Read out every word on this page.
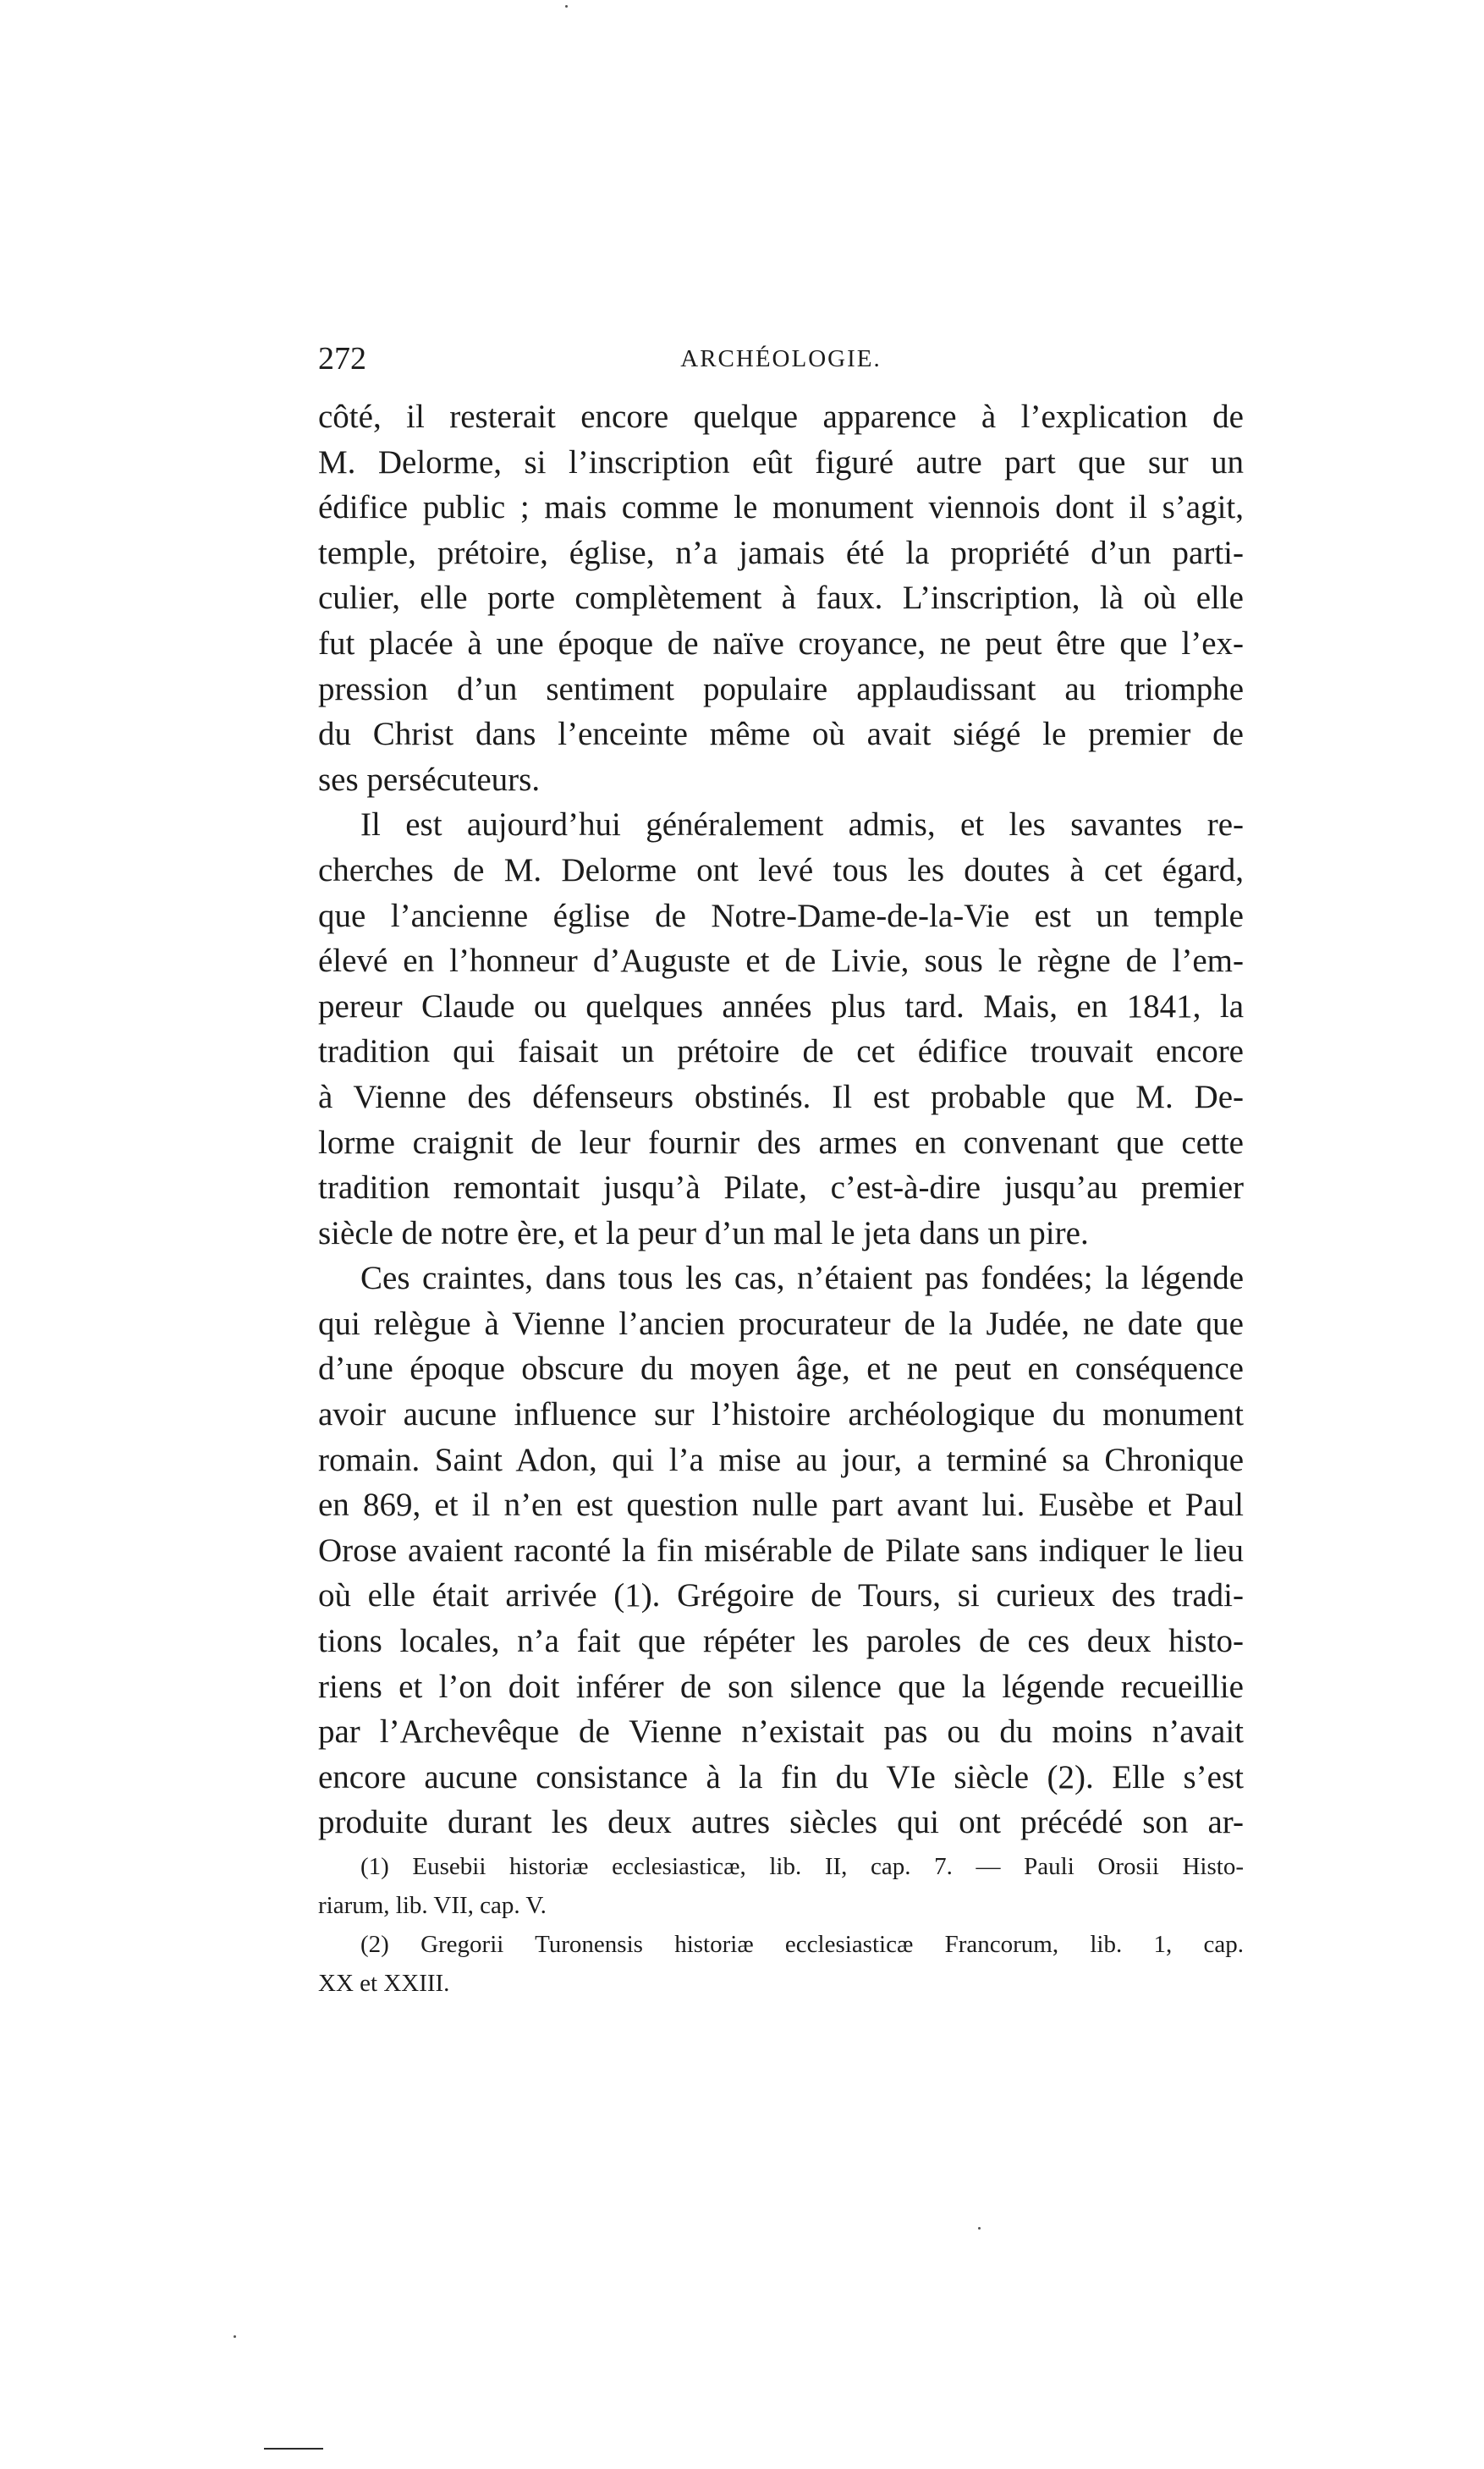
272	ARCHÉOLOGIE.
côté, il resterait encore quelque apparence à l’explication de
M. Delorme, si l’inscription eût figuré autre part que sur un
édifice public ; mais comme le monument viennois dont il s’agit,
temple, prétoire, église, n’a jamais été la propriété d’un parti-
culier, elle porte complètement à faux. L’inscription, là où elle
fut placée à une époque de naïve croyance, ne peut être que l’ex-
pression d’un sentiment populaire applaudissant au triomphe
du Christ dans l’enceinte même où avait siégé le premier de
ses persécuteurs.
Il est aujourd’hui généralement admis, et les savantes re-
cherches de M. Delorme ont levé tous les doutes à cet égard,
que l’ancienne église de Notre-Dame-de-la-Vie est un temple
élevé en l’honneur d’Auguste et de Livie, sous le règne de l’em-
pereur Claude ou quelques années plus tard. Mais, en 1841, la
tradition qui faisait un prétoire de cet édifice trouvait encore
à Vienne des défenseurs obstinés. Il est probable que M. De-
lorme craignit de leur fournir des armes en convenant que cette
tradition remontait jusqu’à Pilate, c’est-à-dire jusqu’au premier
siècle de notre ère, et la peur d’un mal le jeta dans un pire.
Ces craintes, dans tous les cas, n’étaient pas fondées; la légende
qui relègue à Vienne l’ancien procurateur de la Judée, ne date que
d’une époque obscure du moyen âge, et ne peut en conséquence
avoir aucune influence sur l’histoire archéologique du monument
romain. Saint Adon, qui l’a mise au jour, a terminé sa Chronique
en 869, et il n’en est question nulle part avant lui. Eusèbe et Paul
Orose avaient raconté la fin misérable de Pilate sans indiquer le lieu
où elle était arrivée (1). Grégoire de Tours, si curieux des tradi-
tions locales, n’a fait que répéter les paroles de ces deux histo-
riens et l’on doit inférer de son silence que la légende recueillie
par l’Archevêque de Vienne n’existait pas ou du moins n’avait
encore aucune consistance à la fin du VIe siècle (2). Elle s’est
produite durant les deux autres siècles qui ont précédé son ar-
(1) Eusebii historiæ ecclesiasticæ, lib. II, cap. 7. — Pauli Orosii Histo-
riarum, lib. VII, cap. V.
(2) Gregorii Turonensis historiæ ecclesiasticæ Francorum, lib. 1, cap.
XX et XXIII.
